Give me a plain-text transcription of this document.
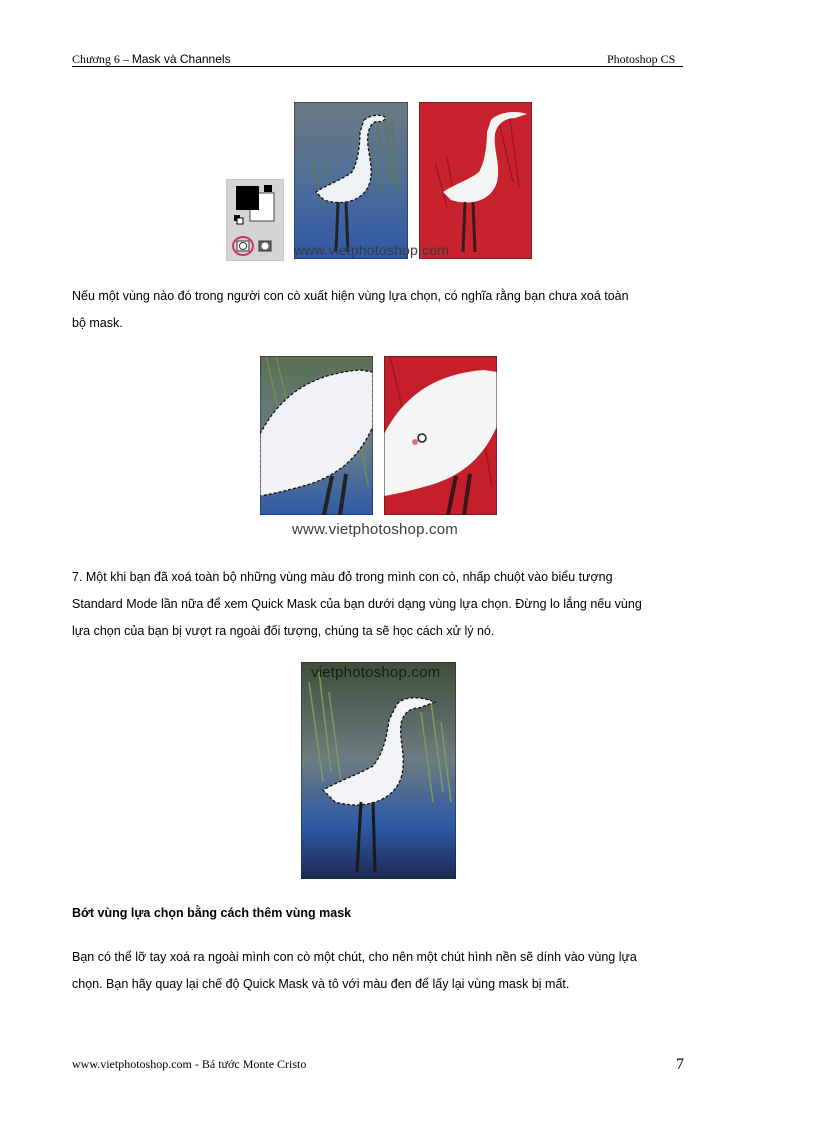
Chương 6 – Mask và Channels	Photoshop CS
www.vietphotoshop.com
Nếu một vùng nào đó trong người con cò xuất hiện vùng lựa chọn, có nghĩa rằng bạn chưa xoá toàn
bộ mask.
www.vietphotoshop.com
7. Một khi bạn đã xoá toàn bộ những vùng màu đỏ trong mình con cò, nhấp chuột vào biểu tượng
Standard Mode lần nữa để xem Quick Mask của bạn dưới dạng vùng lựa chọn. Đừng lo lắng nếu vùng
lựa chọn của bạn bị vượt ra ngoài đối tượng, chúng ta sẽ học cách xử lý nó.
vietphotoshop.com
Bớt vùng lựa chọn bằng cách thêm vùng mask
Bạn có thể lỡ tay xoá ra ngoài mình con cò một chút, cho nên một chút hình nền sẽ dính vào vùng lựa
chọn. Bạn hãy quay lại chế độ Quick Mask và tô với màu đen để lấy lại vùng mask bị mất.
www.vietphotoshop.com - Bá tước Monte Cristo	7
